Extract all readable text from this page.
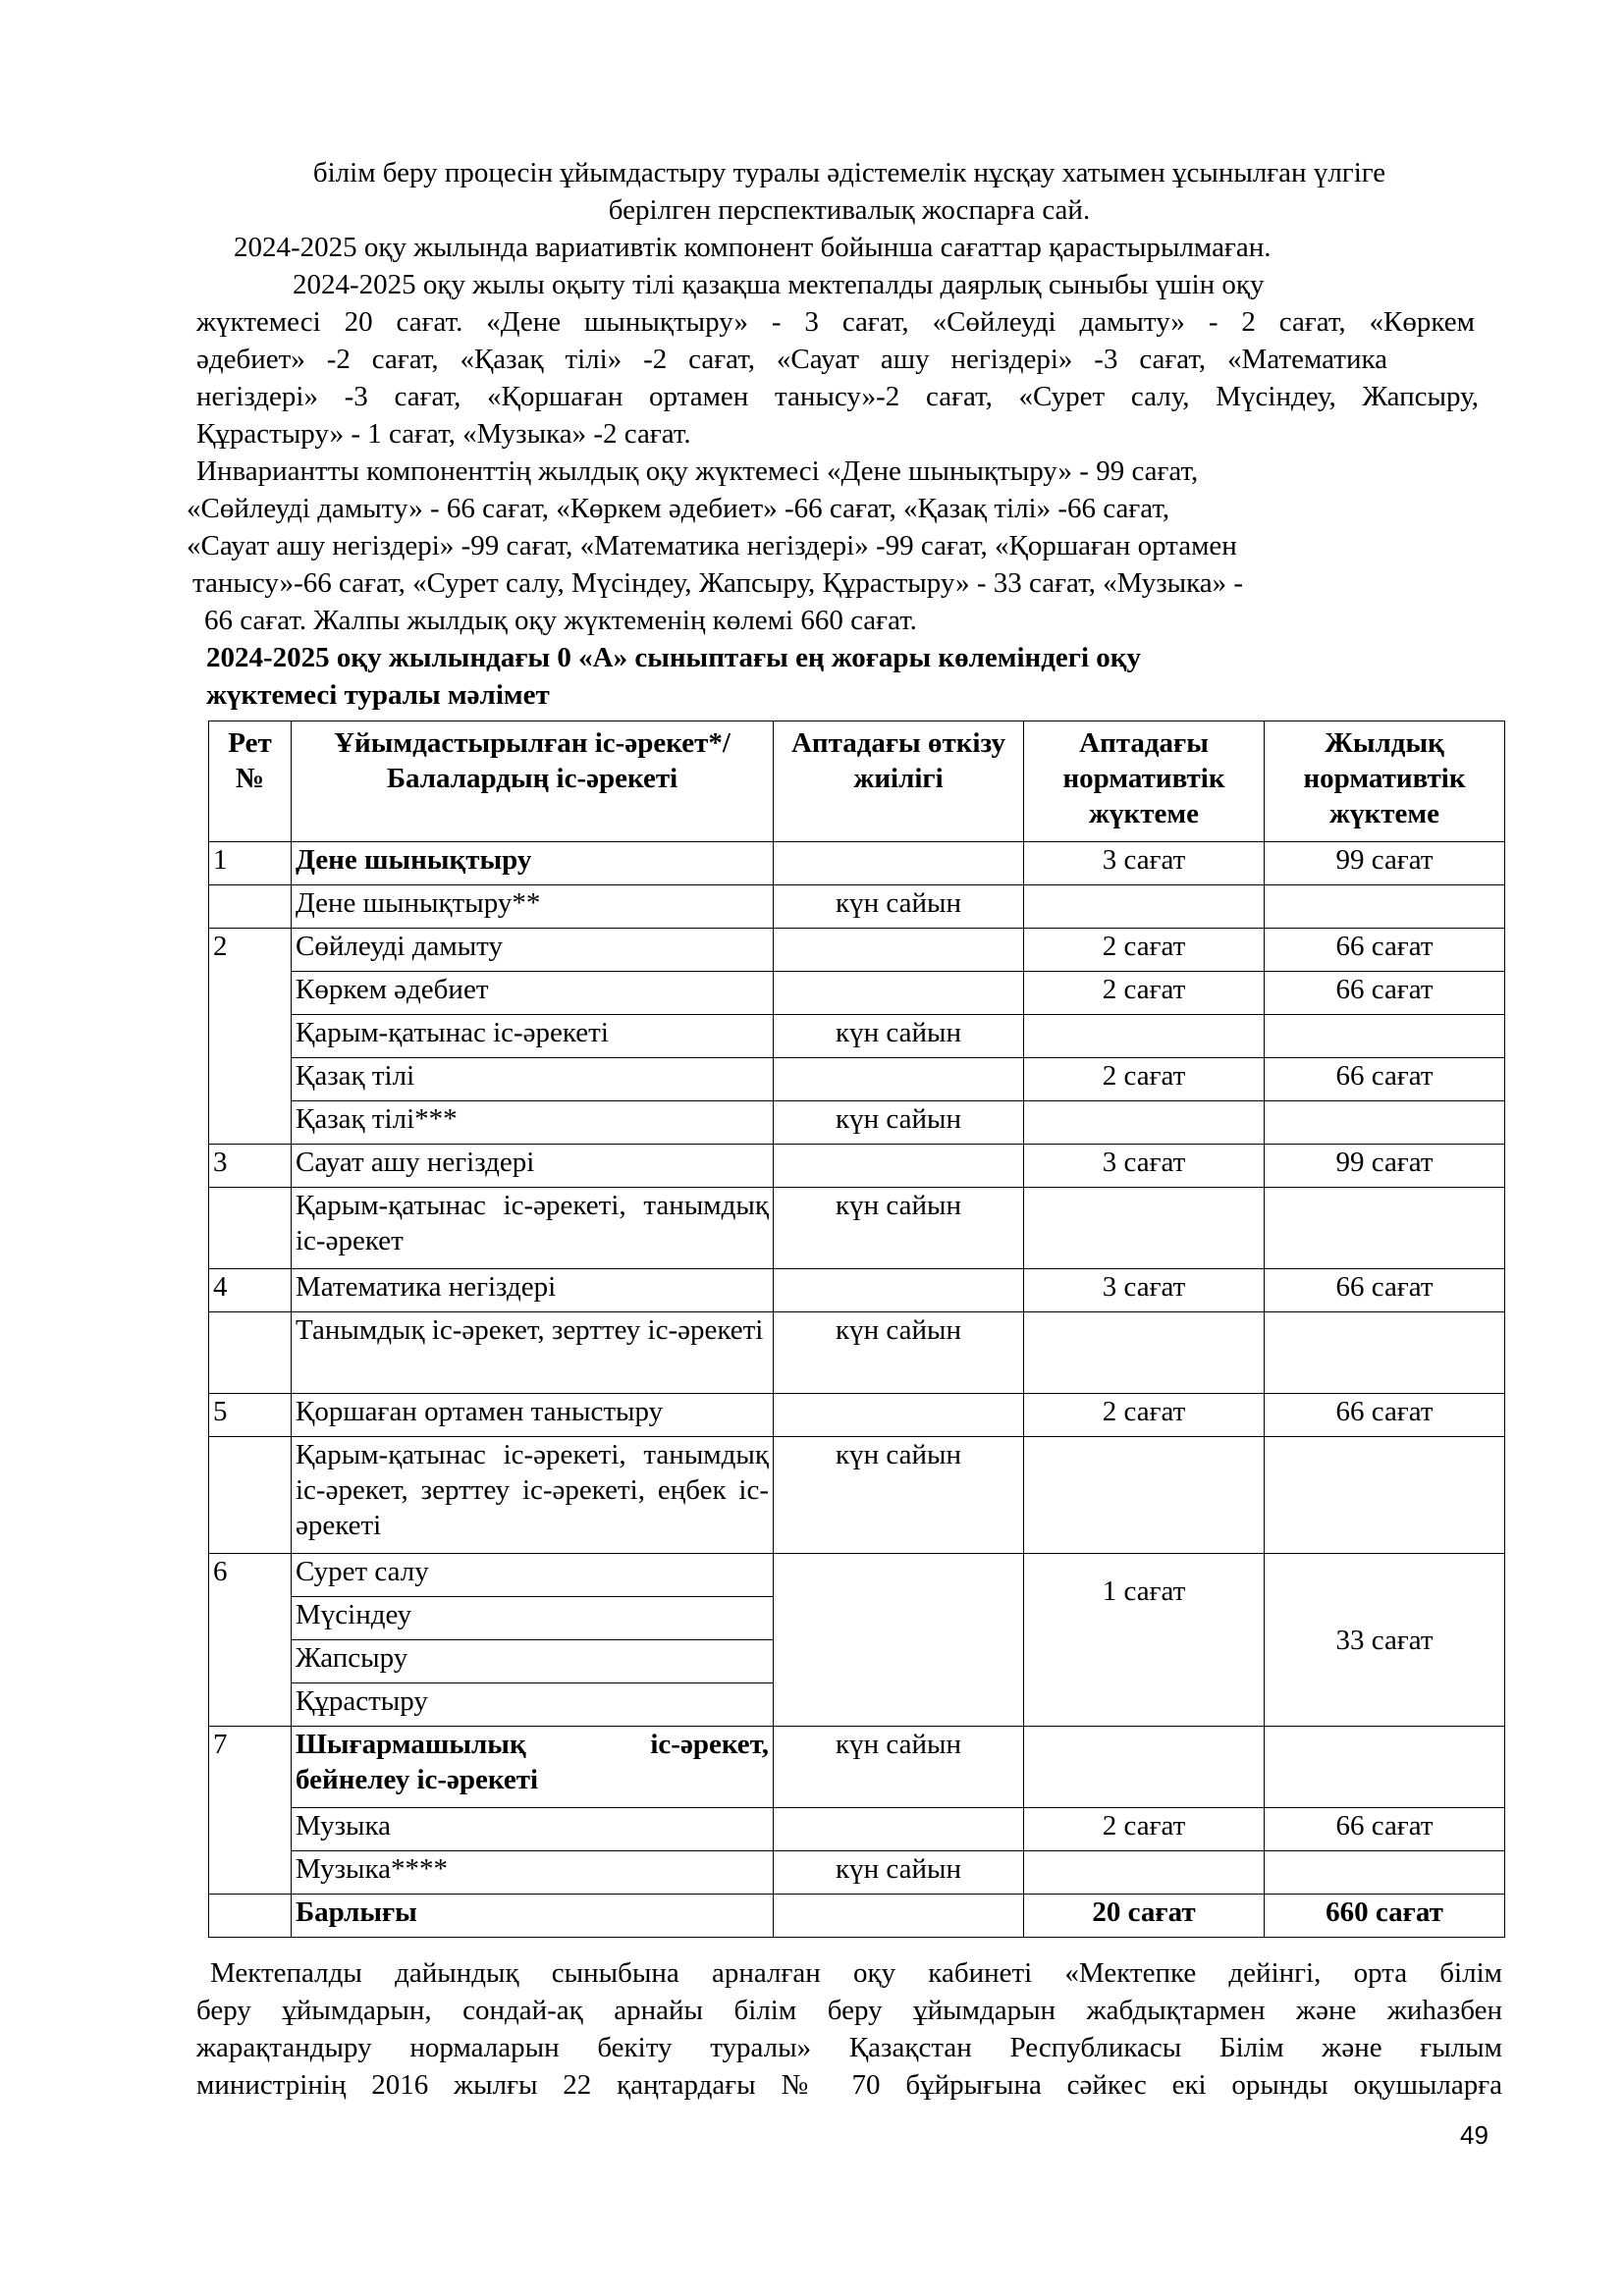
білім беру процесін ұйымдастыру туралы әдістемелік нұсқау хатымен ұсынылған үлгіге
берілген перспективалық жоспарға сай.
2024-2025 оқу жылында вариативтік компонент бойынша сағаттар қарастырылмаған.
2024-2025 оқу жылы оқыту тілі қазақша мектепалды даярлық сыныбы үшін оқу
жүктемесі 20 сағат. «Дене шынықтыру» - 3 сағат, «Сөйлеуді дамыту» - 2 сағат, «Көркем
әдебиет» -2 сағат, «Қазақ тілі» -2 сағат, «Сауат ашу негіздері» -3 сағат, «Математика
негіздері» -3 сағат, «Қоршаған ортамен танысу»-2 сағат, «Сурет салу, Мүсіндеу, Жапсыру,
Құрастыру» - 1 сағат, «Музыка» -2 сағат.
Инвариантты компоненттің жылдық оқу жүктемесі «Дене шынықтыру» - 99 сағат,
«Сөйлеуді дамыту» - 66 сағат, «Көркем әдебиет» -66 сағат, «Қазақ тілі» -66 сағат,
«Сауат ашу негіздері» -99 сағат, «Математика негіздері» -99 сағат, «Қоршаған ортамен
танысу»-66 сағат, «Сурет салу, Мүсіндеу, Жапсыру, Құрастыру» - 33 сағат, «Музыка» -
66 сағат. Жалпы жылдық оқу жүктеменің көлемі 660 сағат.
2024-2025 оқу жылындағы 0 «А» сыныптағы ең жоғары көлеміндегі оқу
жүктемесі туралы мәлімет
Рет №	Ұйымдастырылған іс-әрекет*/ Балалардың іс-әрекеті	Аптадағы өткізу жиілігі	Аптадағы нормативтік жүктеме	Жылдық нормативтік жүктеме
1	Дене шынықтыру		3 сағат	99 сағат
	Дене шынықтыру**	күн сайын		
2	Сөйлеуді дамыту		2 сағат	66 сағат
	Көркем әдебиет		2 сағат	66 сағат
	Қарым-қатынас іс-әрекеті	күн сайын		
	Қазақ тілі		2 сағат	66 сағат
	Қазақ тілі***	күн сайын		
3	Сауат ашу негіздері		3 сағат	99 сағат
	Қарым-қатынас іс-әрекеті, танымдық іс-әрекет	күн сайын		
4	Математика негіздері		3 сағат	66 сағат
	Танымдық іс-әрекет, зерттеу іс-әрекеті	күн сайын		
5	Қоршаған ортамен таныстыру		2 сағат	66 сағат
	Қарым-қатынас іс-әрекеті, танымдық іс-әрекет, зерттеу іс-әрекеті, еңбек іс-әрекеті	күн сайын		
6	Сурет салу		1 сағат	33 сағат
	Мүсіндеу			
	Жапсыру			
	Құрастыру			
7	Шығармашылық іс-әрекет, бейнелеу іс-әрекеті	күн сайын		
	Музыка		2 сағат	66 сағат
	Музыка****	күн сайын		
	Барлығы		20 сағат	660 сағат
Мектепалды дайындық сыныбына арналған оқу кабинеті «Мектепке дейінгі, орта білім
беру ұйымдарын, сондай-ақ арнайы білім беру ұйымдарын жабдықтармен және жиһазбен
жарақтандыру нормаларын бекіту туралы» Қазақстан Республикасы Білім және ғылым
министрінің 2016 жылғы 22 қаңтардағы № 70 бұйрығына сәйкес екі орынды оқушыларға
49
